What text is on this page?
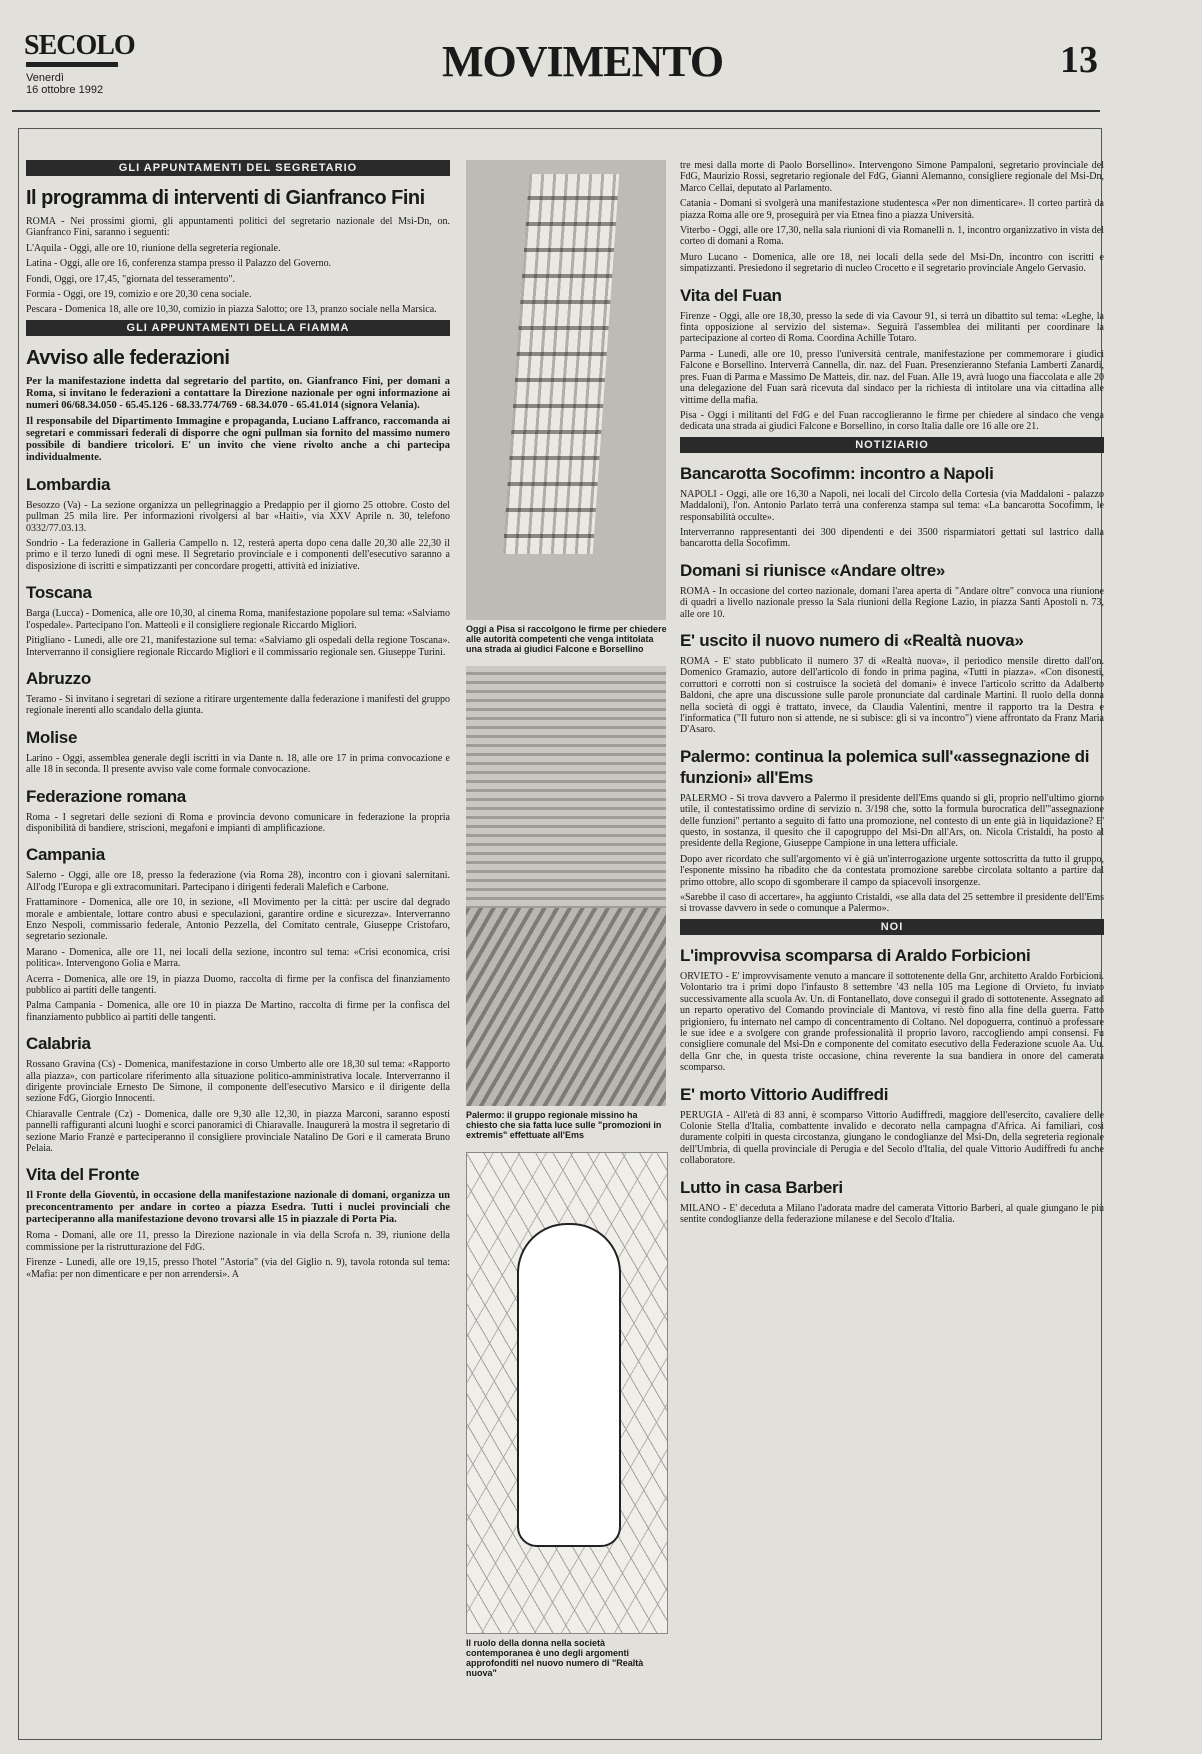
SECOLO
Venerdì
16 ottobre 1992
MOVIMENTO	13
GLI APPUNTAMENTI DEL SEGRETARIO
Il programma di interventi di Gianfranco Fini

ROMA - Nei prossimi giorni, gli appuntamenti politici del segretario nazionale del Msi-Dn, on. Gianfranco Fini, saranno i seguenti:

L'Aquila - Oggi, alle ore 10, riunione della segreteria regionale.

Latina - Oggi, alle ore 16, conferenza stampa presso il Palazzo del Governo.

Fondi, Oggi, ore 17,45, "giornata del tesseramento".

Formia - Oggi, ore 19, comizio e ore 20,30 cena sociale.

Pescara - Domenica 18, alle ore 10,30, comizio in piazza Salotto; ore 13, pranzo sociale nella Marsica.

GLI APPUNTAMENTI DELLA FIAMMA
Avviso alle federazioni

Per la manifestazione indetta dal segretario del partito, on. Gianfranco Fini, per domani a Roma, si invitano le federazioni a contattare la Direzione nazionale per ogni informazione ai numeri 06/68.34.050 - 65.45.126 - 68.33.774/769 - 68.34.070 - 65.41.014 (signora Velania).

Il responsabile del Dipartimento Immagine e propaganda, Luciano Laffranco, raccomanda ai segretari e commissari federali di disporre che ogni pullman sia fornito del massimo numero possibile di bandiere tricolori. E' un invito che viene rivolto anche a chi partecipa individualmente.

Lombardia

Besozzo (Va) - La sezione organizza un pellegrinaggio a Predappio per il giorno 25 ottobre. Costo del pullman 25 mila lire. Per informazioni rivolgersi al bar «Haiti», via XXV Aprile n. 30, telefono 0332/77.03.13.

Sondrio - La federazione in Galleria Campello n. 12, resterà aperta dopo cena dalle 20,30 alle 22,30 il primo e il terzo lunedì di ogni mese. Il Segretario provinciale e i componenti dell'esecutivo saranno a disposizione di iscritti e simpatizzanti per concordare progetti, attività ed iniziative.

Toscana

Barga (Lucca) - Domenica, alle ore 10,30, al cinema Roma, manifestazione popolare sul tema: «Salviamo l'ospedale». Partecipano l'on. Matteoli e il consigliere regionale Riccardo Migliori.

Pitigliano - Lunedì, alle ore 21, manifestazione sul tema: «Salviamo gli ospedali della regione Toscana». Interverranno il consigliere regionale Riccardo Migliori e il commissario regionale sen. Giuseppe Turini.

Abruzzo

Teramo - Si invitano i segretari di sezione a ritirare urgentemente dalla federazione i manifesti del gruppo regionale inerenti allo scandalo della giunta.

Molise

Larino - Oggi, assemblea generale degli iscritti in via Dante n. 18, alle ore 17 in prima convocazione e alle 18 in seconda. Il presente avviso vale come formale convocazione.

Federazione romana

Roma - I segretari delle sezioni di Roma e provincia devono comunicare in federazione la propria disponibilità di bandiere, striscioni, megafoni e impianti di amplificazione.

Campania

Salerno - Oggi, alle ore 18, presso la federazione (via Roma 28), incontro con i giovani salernitani. All'odg l'Europa e gli extracomunitari. Partecipano i dirigenti federali Malefich e Carbone.

Frattaminore - Domenica, alle ore 10, in sezione, «Il Movimento per la città: per uscire dal degrado morale e ambientale, lottare contro abusi e speculazioni, garantire ordine e sicurezza». Interverranno Enzo Nespoli, commissario federale, Antonio Pezzella, del Comitato centrale, Giuseppe Cristofaro, segretario sezionale.

Marano - Domenica, alle ore 11, nei locali della sezione, incontro sul tema: «Crisi economica, crisi politica». Intervengono Golia e Marra.

Acerra - Domenica, alle ore 19, in piazza Duomo, raccolta di firme per la confisca del finanziamento pubblico ai partiti delle tangenti.

Palma Campania - Domenica, alle ore 10 in piazza De Martino, raccolta di firme per la confisca del finanziamento pubblico ai partiti delle tangenti.

Calabria

Rossano Gravina (Cs) - Domenica, manifestazione in corso Umberto alle ore 18,30 sul tema: «Rapporto alla piazza», con particolare riferimento alla situazione politico-amministrativa locale. Interverranno il dirigente provinciale Ernesto De Simone, il componente dell'esecutivo Marsico e il dirigente della sezione FdG, Giorgio Innocenti.

Chiaravalle Centrale (Cz) - Domenica, dalle ore 9,30 alle 12,30, in piazza Marconi, saranno esposti pannelli raffiguranti alcuni luoghi e scorci panoramici di Chiaravalle. Inaugurerà la mostra il segretario di sezione Mario Franzè e parteciperanno il consigliere provinciale Natalino De Gori e il camerata Bruno Pelaia.

Vita del Fronte

Il Fronte della Gioventù, in occasione della manifestazione nazionale di domani, organizza un preconcentramento per andare in corteo a piazza Esedra. Tutti i nuclei provinciali che parteciperanno alla manifestazione devono trovarsi alle 15 in piazzale di Porta Pia.

Roma - Domani, alle ore 11, presso la Direzione nazionale in via della Scrofa n. 39, riunione della commissione per la ristrutturazione del FdG.

Firenze - Lunedì, alle ore 19,15, presso l'hotel "Astoria" (via del Giglio n. 9), tavola rotonda sul tema: «Mafia: per non dimenticare e per non arrendersi». A

Oggi a Pisa si raccolgono le firme per chiedere alle autorità competenti che venga intitolata una strada ai giudici Falcone e Borsellino
Palermo: il gruppo regionale missino ha chiesto che sia fatta luce sulle "promozioni in extremis" effettuate all'Ems
Il ruolo della donna nella società contemporanea è uno degli argomenti approfonditi nel nuovo numero di "Realtà nuova"

tre mesi dalla morte di Paolo Borsellino». Intervengono Simone Pampaloni, segretario provinciale del FdG, Maurizio Rossi, segretario regionale del FdG, Gianni Alemanno, consigliere regionale del Msi-Dn, Marco Cellai, deputato al Parlamento.

Catania - Domani si svolgerà una manifestazione studentesca «Per non dimenticare». Il corteo partirà da piazza Roma alle ore 9, proseguirà per via Etnea fino a piazza Università.

Viterbo - Oggi, alle ore 17,30, nella sala riunioni di via Romanelli n. 1, incontro organizzativo in vista del corteo di domani a Roma.

Muro Lucano - Domenica, alle ore 18, nei locali della sede del Msi-Dn, incontro con iscritti e simpatizzanti. Presiedono il segretario di nucleo Crocetto e il segretario provinciale Angelo Gervasio.

Vita del Fuan

Firenze - Oggi, alle ore 18,30, presso la sede di via Cavour 91, si terrà un dibattito sul tema: «Leghe, la finta opposizione al servizio del sistema». Seguirà l'assemblea dei militanti per coordinare la partecipazione al corteo di Roma. Coordina Achille Totaro.

Parma - Lunedì, alle ore 10, presso l'università centrale, manifestazione per commemorare i giudici Falcone e Borsellino. Interverrà Cannella, dir. naz. del Fuan. Presenzieranno Stefania Lamberti Zanardi, pres. Fuan di Parma e Massimo De Matteis, dir. naz. del Fuan. Alle 19, avrà luogo una fiaccolata e alle 20 una delegazione del Fuan sarà ricevuta dal sindaco per la richiesta di intitolare una via cittadina alle vittime della mafia.

Pisa - Oggi i militanti del FdG e del Fuan raccoglieranno le firme per chiedere al sindaco che venga dedicata una strada ai giudici Falcone e Borsellino, in corso Italia dalle ore 16 alle ore 21.

NOTIZIARIO
Bancarotta Socofimm: incontro a Napoli

NAPOLI - Oggi, alle ore 16,30 a Napoli, nei locali del Circolo della Cortesia (via Maddaloni - palazzo Maddaloni), l'on. Antonio Parlato terrà una conferenza stampa sul tema: «La bancarotta Socofimm, le responsabilità occulte».

Interverranno rappresentanti dei 300 dipendenti e dei 3500 risparmiatori gettati sul lastrico dalla bancarotta della Socofimm.

Domani si riunisce «Andare oltre»

ROMA - In occasione del corteo nazionale, domani l'area aperta di "Andare oltre" convoca una riunione di quadri a livello nazionale presso la Sala riunioni della Regione Lazio, in piazza Santi Apostoli n. 73, alle ore 10.

E' uscito il nuovo numero di «Realtà nuova»

ROMA - E' stato pubblicato il numero 37 di «Realtà nuova», il periodico mensile diretto dall'on. Domenico Gramazio, autore dell'articolo di fondo in prima pagina, «Tutti in piazza». «Con disonesti, corruttori e corrotti non si costruisce la società del domani» è invece l'articolo scritto da Adalberto Baldoni, che apre una discussione sulle parole pronunciate dal cardinale Martini. Il ruolo della donna nella società di oggi è trattato, invece, da Claudia Valentini, mentre il rapporto tra la Destra e l'informatica ("Il futuro non si attende, ne si subisce: gli si va incontro") viene affrontato da Franz Maria D'Asaro.

Palermo: continua la polemica sull'«assegnazione di funzioni» all'Ems

PALERMO - Si trova davvero a Palermo il presidente dell'Ems quando si gli, proprio nell'ultimo giorno utile, il contestatissimo ordine di servizio n. 3/198 che, sotto la formula burocratica dell'"assegnazione delle funzioni" pertanto a seguito di fatto una promozione, nel contesto di un ente già in liquidazione? E' questo, in sostanza, il quesito che il capogruppo del Msi-Dn all'Ars, on. Nicola Cristaldi, ha posto al presidente della Regione, Giuseppe Campione in una lettera ufficiale.

Dopo aver ricordato che sull'argomento vi è già un'interrogazione urgente sottoscritta da tutto il gruppo, l'esponente missino ha ribadito che da contestata promozione sarebbe circolata soltanto a partire dal primo ottobre, allo scopo di sgomberare il campo da spiacevoli insorgenze.

«Sarebbe il caso di accertare», ha aggiunto Cristaldi, «se alla data del 25 settembre il presidente dell'Ems si trovasse davvero in sede o comunque a Palermo».

NOI
L'improvvisa scomparsa di Araldo Forbicioni

ORVIETO - E' improvvisamente venuto a mancare il sottotenente della Gnr, architetto Araldo Forbicioni. Volontario tra i primi dopo l'infausto 8 settembre '43 nella 105 ma Legione di Orvieto, fu inviato successivamente alla scuola Av. Un. di Fontanellato, dove conseguì il grado di sottotenente. Assegnato ad un reparto operativo del Comando provinciale di Mantova, vi restò fino alla fine della guerra. Fatto prigioniero, fu internato nel campo di concentramento di Coltano. Nel dopoguerra, continuò a professare le sue idee e a svolgere con grande professionalità il proprio lavoro, raccogliendo ampi consensi. Fu consigliere comunale del Msi-Dn e componente del comitato esecutivo della Federazione scuole Aa. Uu. della Gnr che, in questa triste occasione, china reverente la sua bandiera in onore del camerata scomparso.

E' morto Vittorio Audiffredi

PERUGIA - All'età di 83 anni, è scomparso Vittorio Audiffredi, maggiore dell'esercito, cavaliere delle Colonie Stella d'Italia, combattente invalido e decorato nella campagna d'Africa. Ai familiari, così duramente colpiti in questa circostanza, giungano le condoglianze del Msi-Dn, della segreteria regionale dell'Umbria, di quella provinciale di Perugia e del Secolo d'Italia, del quale Vittorio Audiffredi fu anche collaboratore.

Lutto in casa Barberi

MILANO - E' deceduta a Milano l'adorata madre del camerata Vittorio Barberi, al quale giungano le più sentite condoglianze della federazione milanese e del Secolo d'Italia.
